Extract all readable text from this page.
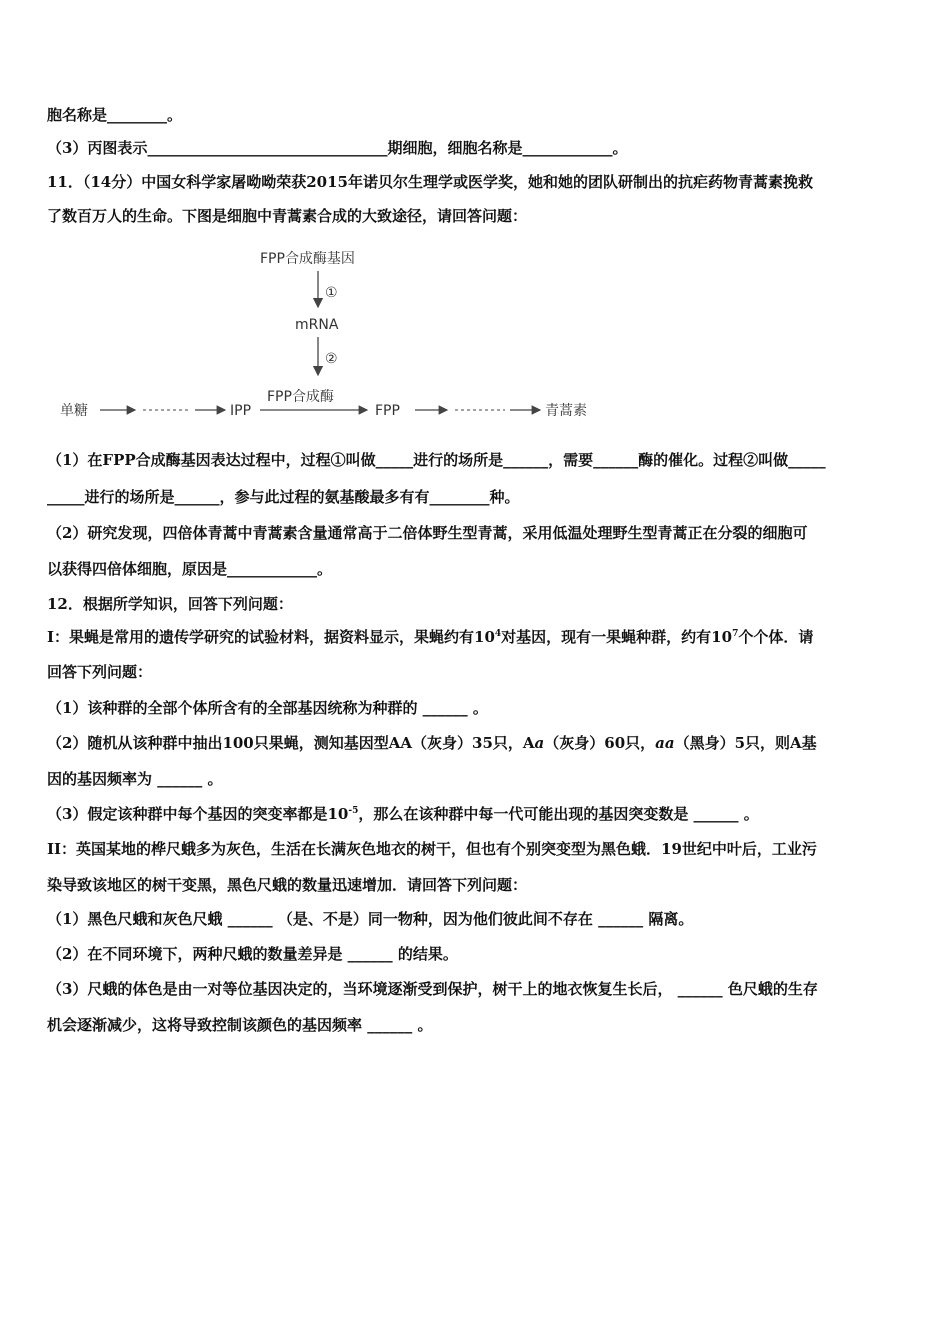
胞名称是________。
（3）丙图表示________________________________期细胞，细胞名称是____________。
11．（14分）中国女科学家屠呦呦荣获2015年诺贝尔生理学或医学奖，她和她的团队研制出的抗疟药物青蒿素挽救
了数百万人的生命。下图是细胞中青蒿素合成的大致途径，请回答问题：
FPP合成酶基因
①
mRNA
②
FPP合成酶
单糖	IPP	FPP	青蒿素
（1）在FPP合成酶基因表达过程中，过程①叫做_____进行的场所是______，需要______酶的催化。过程②叫做_____
_____进行的场所是______，参与此过程的氨基酸最多有有________种。
（2）研究发现，四倍体青蒿中青蒿素含量通常高于二倍体野生型青蒿，采用低温处理野生型青蒿正在分裂的细胞可
以获得四倍体细胞，原因是____________。
12．根据所学知识，回答下列问题：
I：果蝇是常用的遗传学研究的试验材料，据资料显示，果蝇约有$10^4$对基因，现有一果蝇种群，约有$10^7$个个体．请
回答下列问题：
（1）该种群的全部个体所含有的全部基因统称为种群的 ______ 。
（2）随机从该种群中抽出100只果蝇，测知基因型AA（灰身）35只，Aa（灰身）60只，aa（黑身）5只，则A基
因的基因频率为 ______ 。
（3）假定该种群中每个基因的突变率都是$10^{-5}$，那么在该种群中每一代可能出现的基因突变数是 ______ 。
II：英国某地的桦尺蛾多为灰色，生活在长满灰色地衣的树干，但也有个别突变型为黑色蛾．19世纪中叶后，工业污
染导致该地区的树干变黑，黑色尺蛾的数量迅速增加．请回答下列问题：
（1）黑色尺蛾和灰色尺蛾 ______ （是、不是）同一物种，因为他们彼此间不存在 ______ 隔离。
（2）在不同环境下，两种尺蛾的数量差异是 ______ 的结果。
（3）尺蛾的体色是由一对等位基因决定的，当环境逐渐受到保护，树干上的地衣恢复生长后， ______ 色尺蛾的生存
机会逐渐减少，这将导致控制该颜色的基因频率 ______ 。
